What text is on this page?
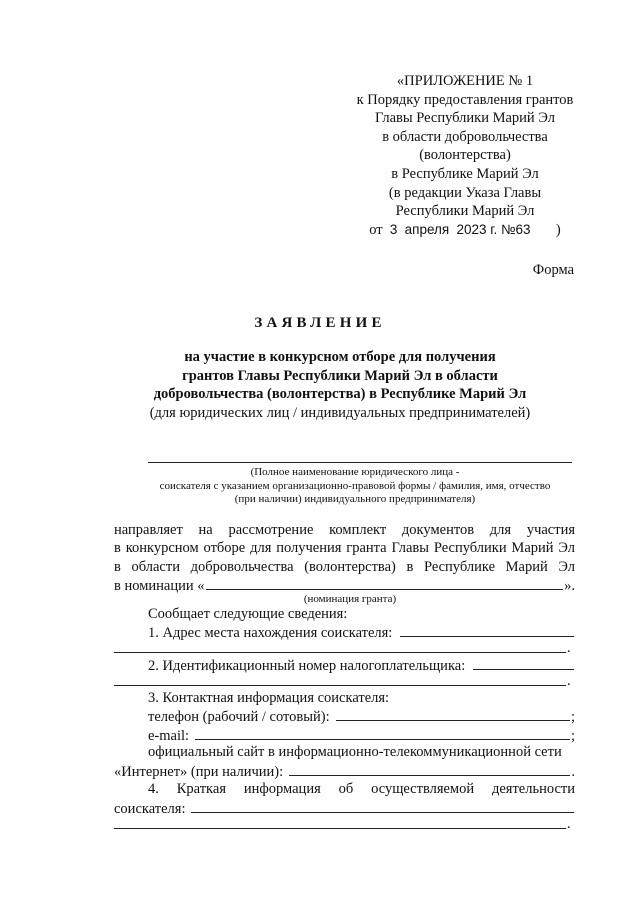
«ПРИЛОЖЕНИЕ № 1
к Порядку предоставления грантов
Главы Республики Марий Эл
в области добровольчества
(волонтерства)
в Республике Марий Эл
(в редакции Указа Главы
Республики Марий Эл
от 3 апреля 2023 г. №63 )
Форма
ЗАЯВЛЕНИЕ
на участие в конкурсном отборе для получения
грантов Главы Республики Марий Эл в области
добровольчества (волонтерства) в Республике Марий Эл
(для юридических лиц / индивидуальных предпринимателей)
(Полное наименование юридического лица -
соискателя с указанием организационно-правовой формы / фамилия, имя, отчество
(при наличии) индивидуального предпринимателя)
направляет на рассмотрение комплект документов для участия
в конкурсном отборе для получения гранта Главы Республики Марий Эл
в области добровольчества (волонтерства) в Республике Марий Эл
в номинации «	».
(номинация гранта)
Сообщает следующие сведения:
1. Адрес места нахождения соискателя:
.
2. Идентификационный номер налогоплательщика:
.
3. Контактная информация соискателя:
телефон (рабочий / сотовый):	;
e-mail:	;
официальный сайт в информационно-телекоммуникационной сети
«Интернет» (при наличии):	.
4. Краткая информация об осуществляемой деятельности
соискателя:
.
